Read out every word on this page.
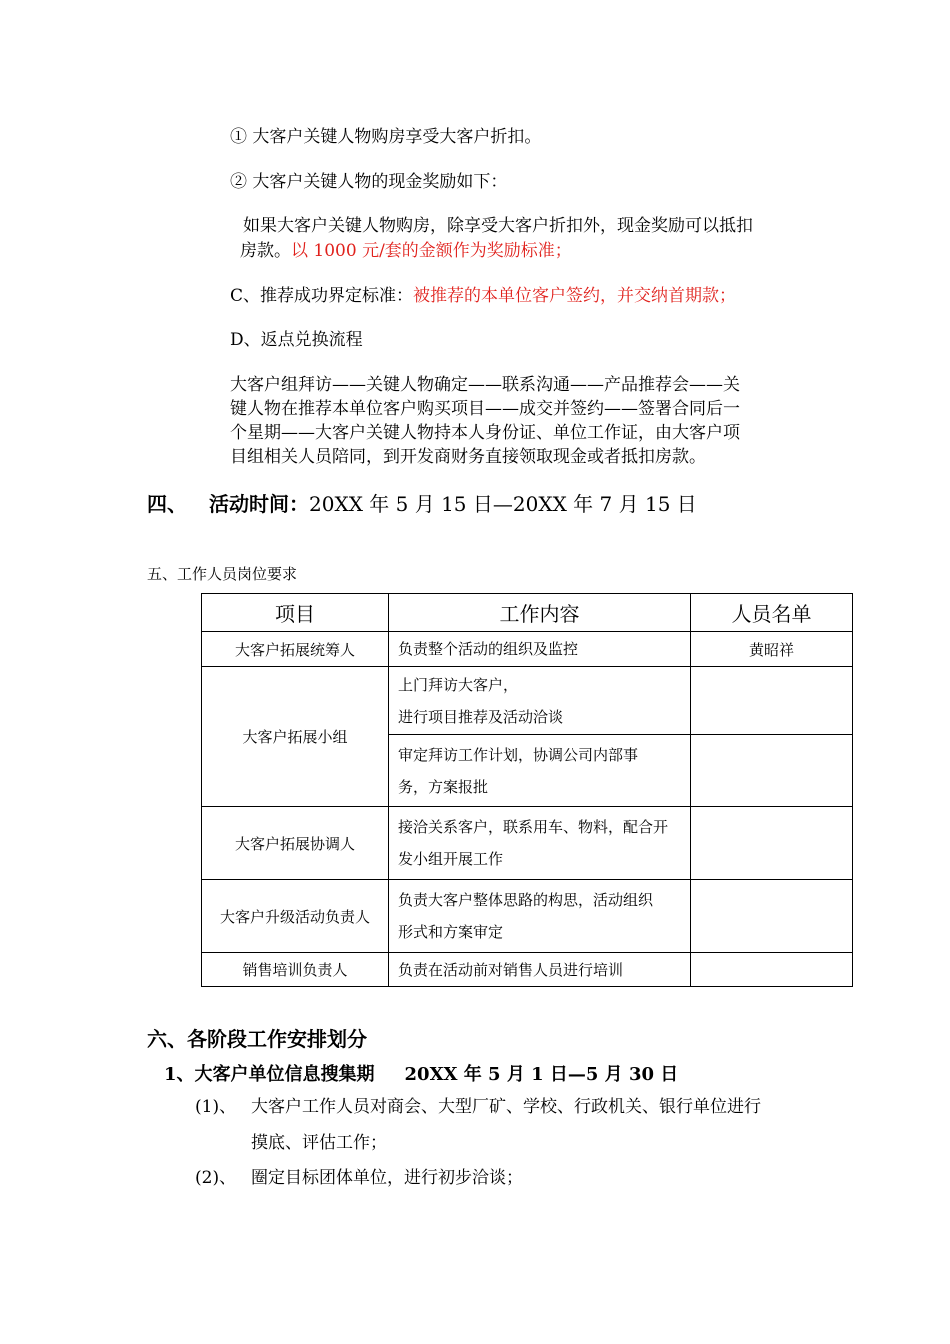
① 大客户关键人物购房享受大客户折扣。
② 大客户关键人物的现金奖励如下：
如果大客户关键人物购房，除享受大客户折扣外，现金奖励可以抵扣
房款。以 1000 元/套的金额作为奖励标准；
C、推荐成功界定标准：被推荐的本单位客户签约，并交纳首期款；
D、返点兑换流程
大客户组拜访——关键人物确定——联系沟通——产品推荐会——关
键人物在推荐本单位客户购买项目——成交并签约——签署合同后一
个星期——大客户关键人物持本人身份证、单位工作证，由大客户项
目组相关人员陪同，到开发商财务直接领取现金或者抵扣房款。
四、 活动时间：20XX 年 5 月 15 日—20XX 年 7 月 15 日
五、工作人员岗位要求
项目	工作内容	人员名单
大客户拓展统筹人	负责整个活动的组织及监控	黄昭祥
大客户拓展小组	上门拜访大客户，
进行项目推荐及活动洽谈	

	审定拜访工作计划，协调公司内部事
务，方案报批	

大客户拓展协调人	接洽关系客户，联系用车、物料，配合开
发小组开展工作	

大客户升级活动负责人	负责大客户整体思路的构思，活动组织
形式和方案审定	

销售培训负责人	负责在活动前对销售人员进行培训	
六、各阶段工作安排划分
1、大客户单位信息搜集期 20XX 年 5 月 1 日—5 月 30 日
(1)、 大客户工作人员对商会、大型厂矿、学校、行政机关、银行单位进行
摸底、评估工作；
(2)、 圈定目标团体单位，进行初步洽谈；
